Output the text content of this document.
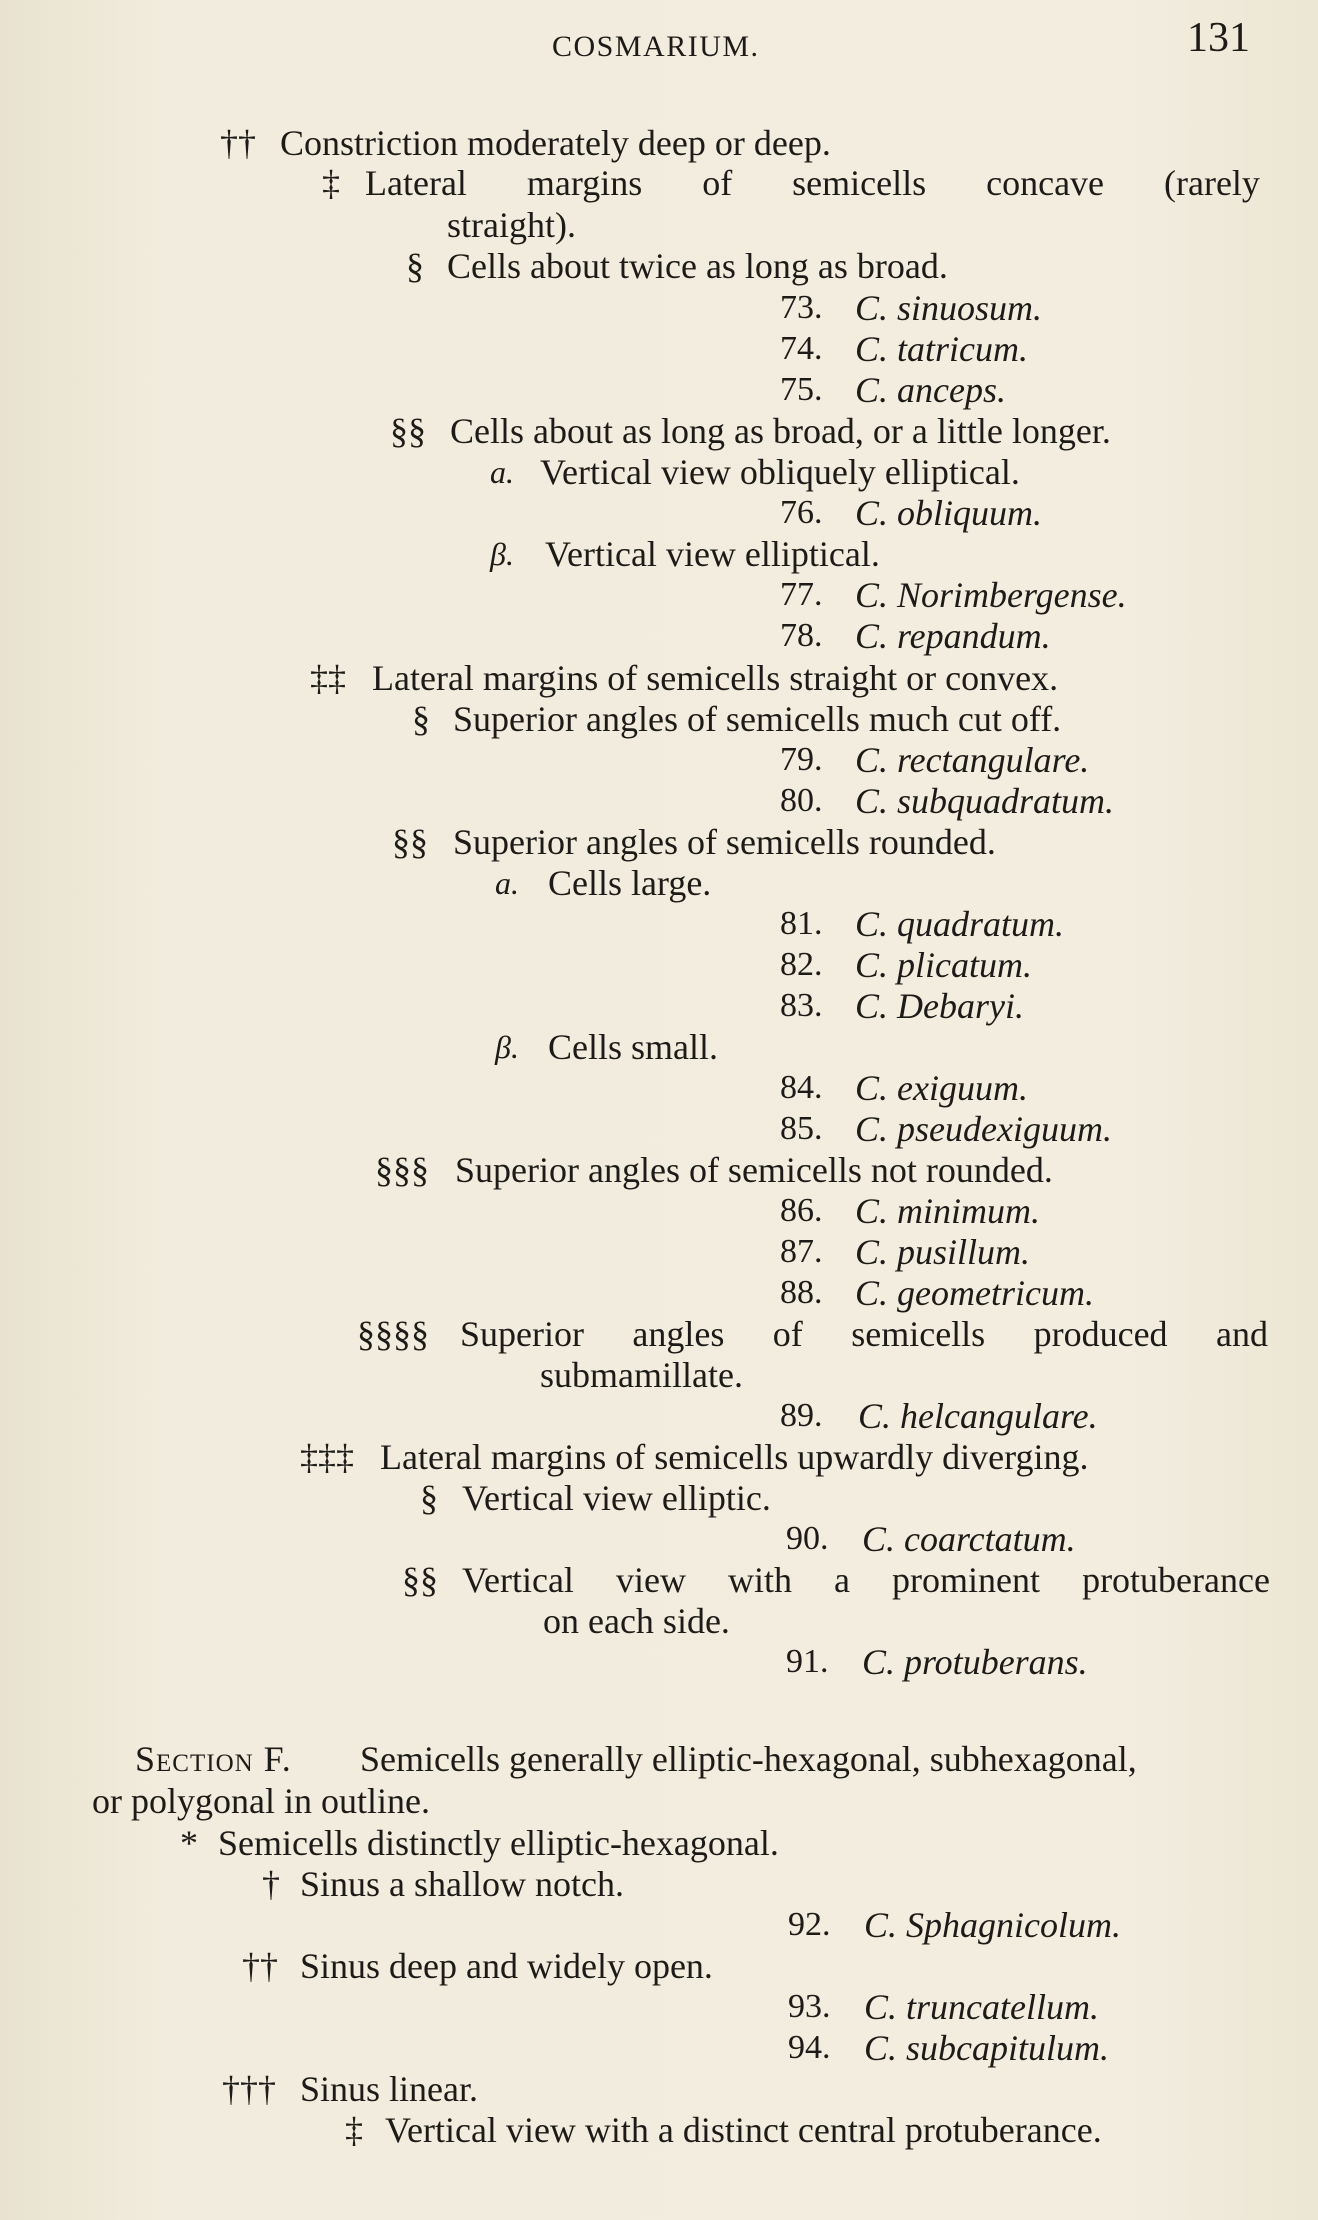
COSMARIUM.	131
†† Constriction moderately deep or deep.
‡ Lateral margins of semicells concave (rarely
straight).
§ Cells about twice as long as broad.
73. C. sinuosum.
74. C. tatricum.
75. C. anceps.
§§ Cells about as long as broad, or a little longer.
a. Vertical view obliquely elliptical.
76. C. obliquum.
β. Vertical view elliptical.
77. C. Norimbergense.
78. C. repandum.
‡‡ Lateral margins of semicells straight or convex.
§ Superior angles of semicells much cut off.
79. C. rectangulare.
80. C. subquadratum.
§§ Superior angles of semicells rounded.
a. Cells large.
81. C. quadratum.
82. C. plicatum.
83. C. Debaryi.
β. Cells small.
84. C. exiguum.
85. C. pseudexiguum.
§§§ Superior angles of semicells not rounded.
86. C. minimum.
87. C. pusillum.
88. C. geometricum.
§§§§ Superior angles of semicells produced and
submamillate.
89. C. helcangulare.
‡‡‡ Lateral margins of semicells upwardly diverging.
§ Vertical view elliptic.
90. C. coarctatum.
§§ Vertical view with a prominent protuberance
on each side.
91. C. protuberans.
Section F. Semicells generally elliptic-hexagonal, subhexagonal,
or polygonal in outline.
* Semicells distinctly elliptic-hexagonal.
† Sinus a shallow notch.
92. C. Sphagnicolum.
†† Sinus deep and widely open.
93. C. truncatellum.
94. C. subcapitulum.
††† Sinus linear.
‡ Vertical view with a distinct central protuberance.
